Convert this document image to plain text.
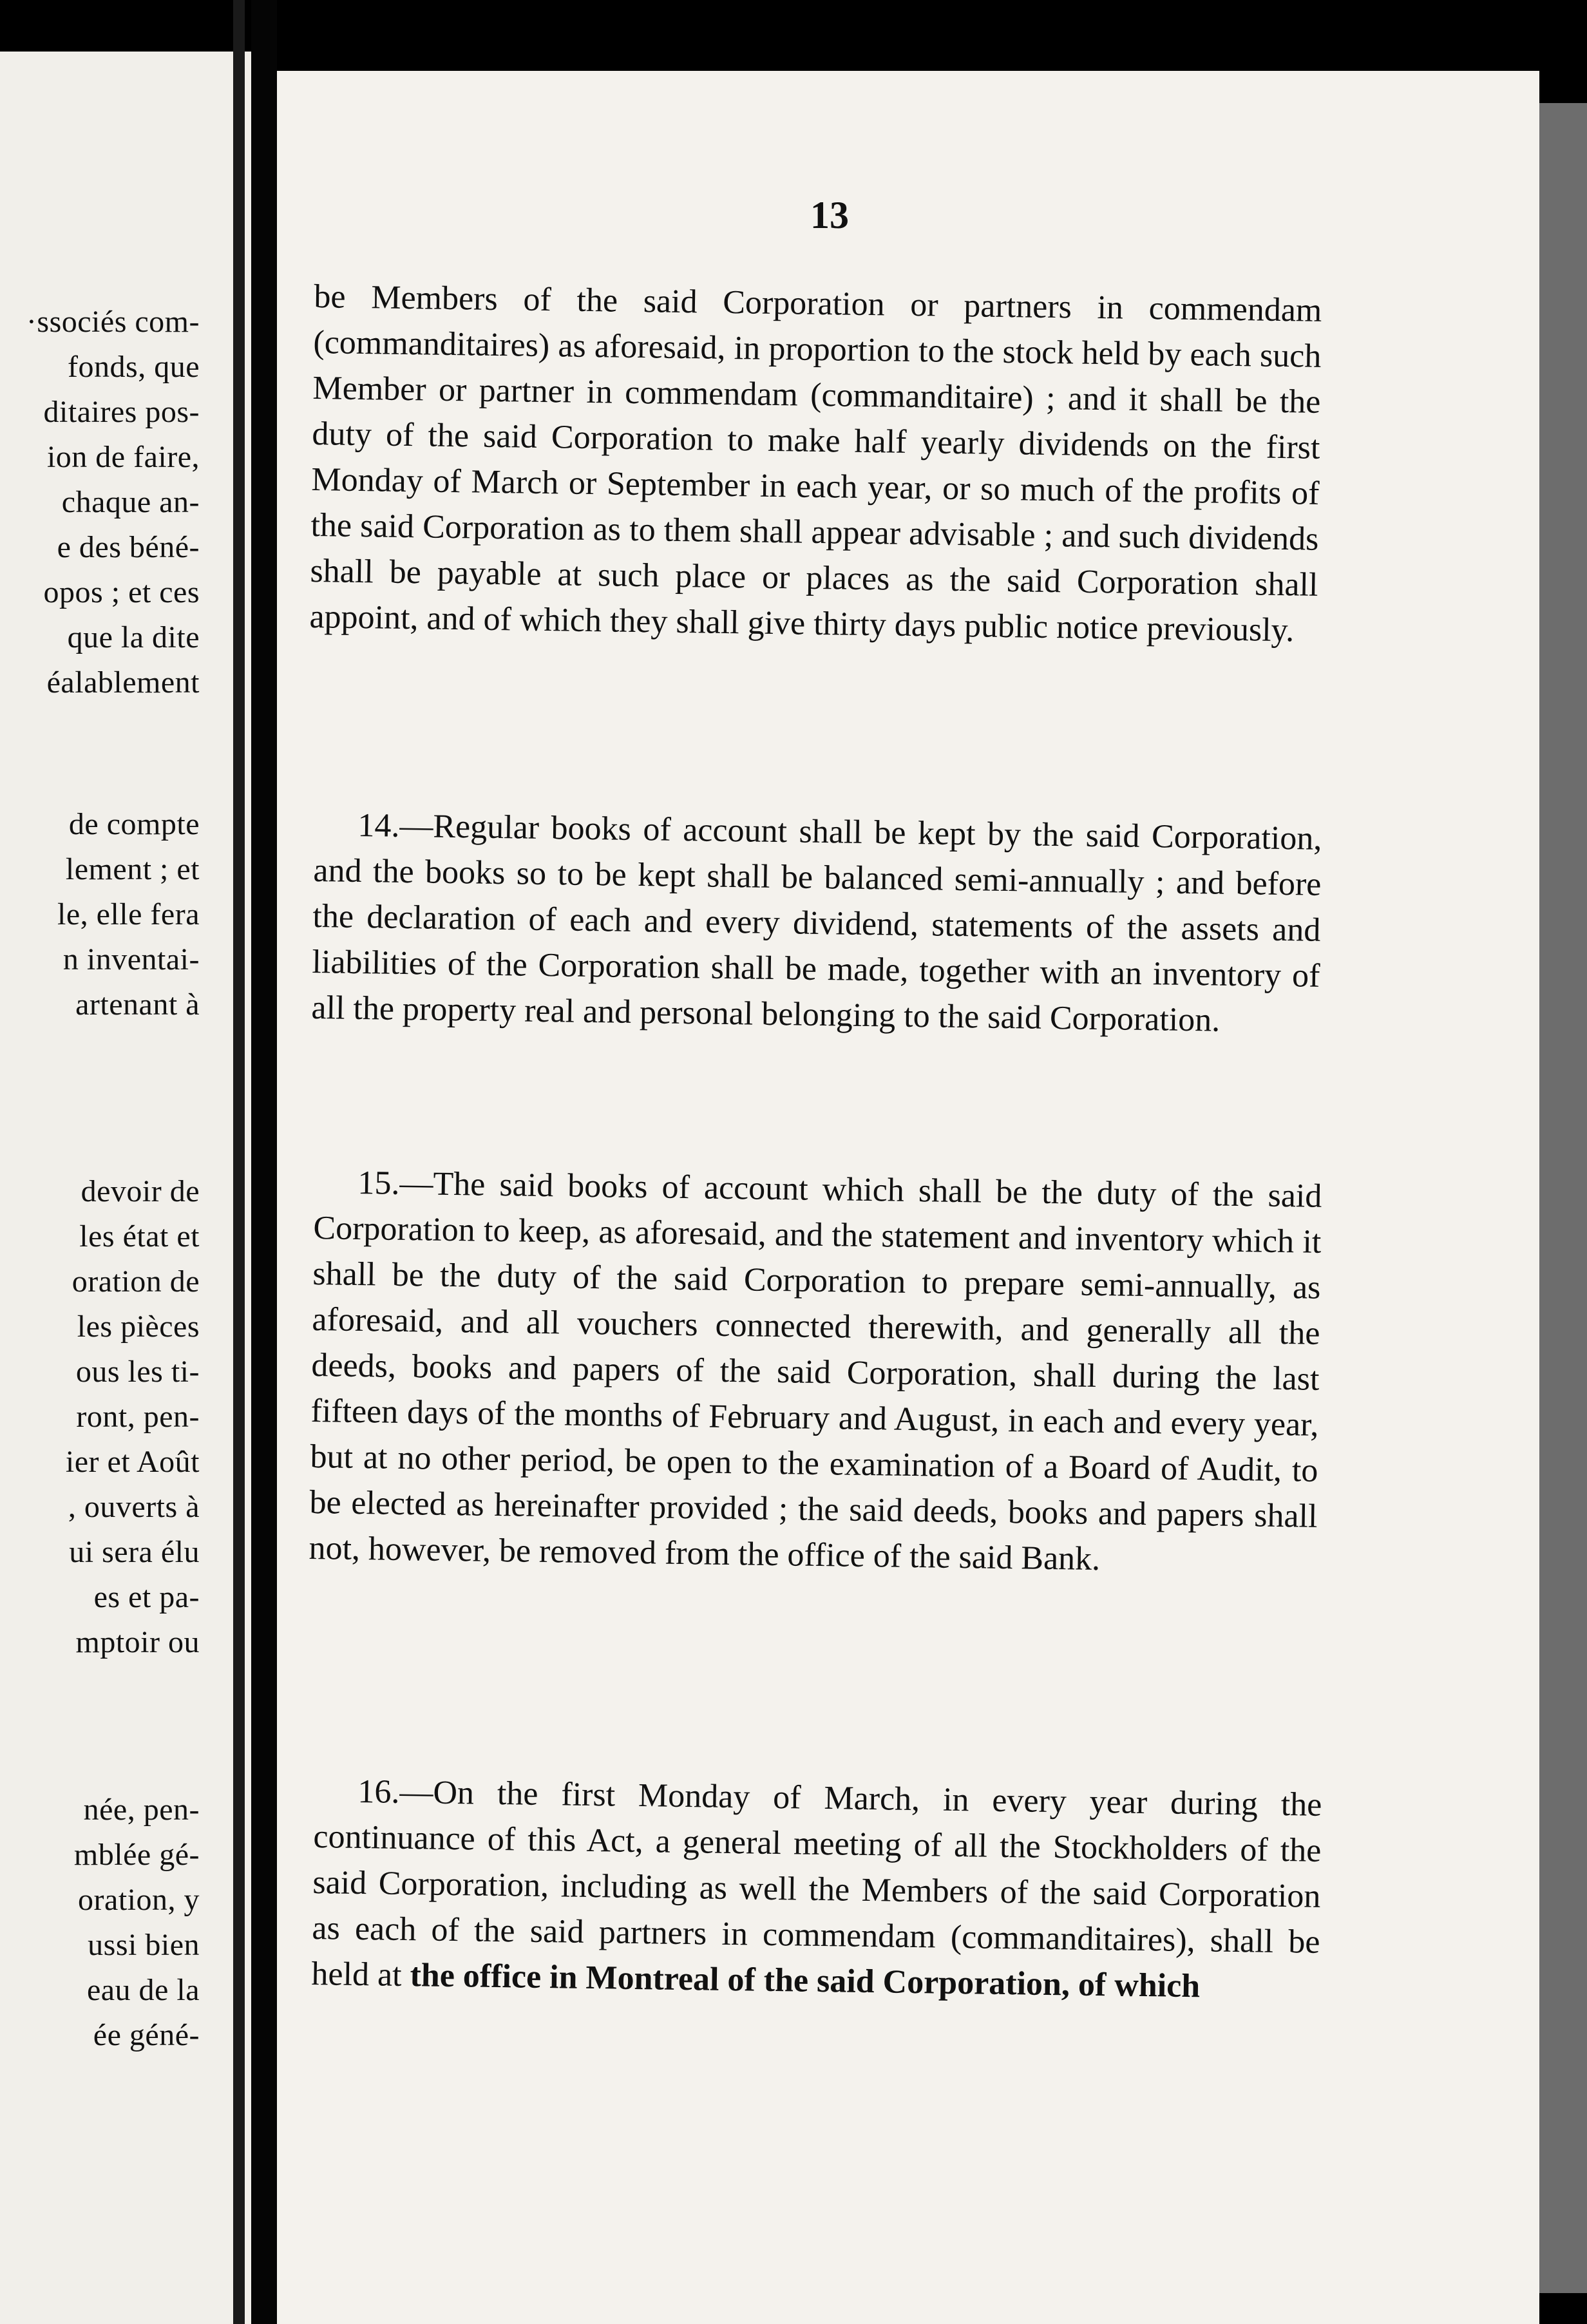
·ssociés com-
fonds, que
ditaires pos-
ion de faire,
chaque an-
e des béné-
opos ; et ces
que la dite
éalablement
de compte
lement ; et
le, elle fera
n inventai-
artenant à
devoir de
les état et
oration de
les pièces
ous les ti-
ront, pen-
ier et Août
, ouverts à
ui sera élu
es et pa-
mptoir ou
née, pen-
mblée gé-
oration, y
ussi bien
eau de la
ée géné-
13

be Members of the said Corporation or partners in commendam (commanditaires) as aforesaid, in proportion to the stock held by each such Member or partner in commendam (commanditaire) ; and it shall be the duty of the said Corporation to make half yearly dividends on the first Monday of March or September in each year, or so much of the profits of the said Corporation as to them shall appear advisable ; and such dividends shall be payable at such place or places as the said Corporation shall appoint, and of which they shall give thirty days public notice previously.

14.—Regular books of account shall be kept by the said Corporation, and the books so to be kept shall be balanced semi-annually ; and before the declaration of each and every dividend, statements of the assets and liabilities of the Corporation shall be made, together with an inventory of all the property real and personal belonging to the said Corporation.

15.—The said books of account which shall be the duty of the said Corporation to keep, as aforesaid, and the statement and inventory which it shall be the duty of the said Corporation to prepare semi-annually, as aforesaid, and all vouchers connected therewith, and generally all the deeds, books and papers of the said Corporation, shall during the last fifteen days of the months of February and August, in each and every year, but at no other period, be open to the examination of a Board of Audit, to be elected as hereinafter provided ; the said deeds, books and papers shall not, however, be removed from the office of the said Bank.

16.—On the first Monday of March, in every year during the continuance of this Act, a general meeting of all the Stockholders of the said Corporation, including as well the Members of the said Corporation as each of the said partners in commendam (commanditaires), shall be held at the office in Montreal of the said Corporation, of which
